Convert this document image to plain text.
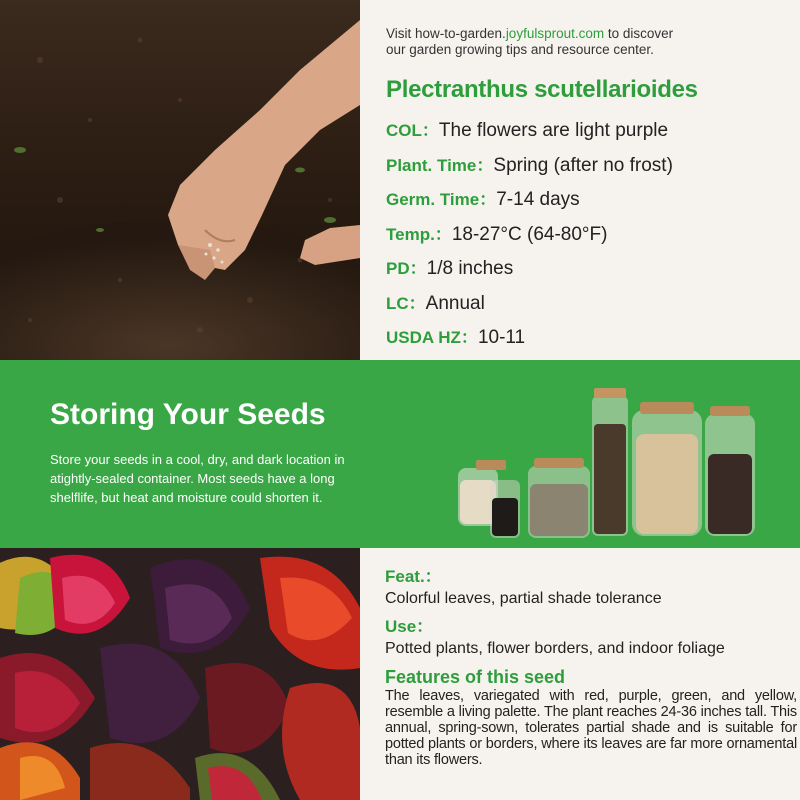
Visit how-to-garden.joyfulsprout.com to discover
our garden growing tips and resource center.
Plectranthus scutellarioides
COL：The flowers are light purple
Plant. Time：Spring (after no frost)
Germ. Time：7-14 days
Temp.：18-27°C (64-80°F)
PD：1/8 inches
LC：Annual
USDA HZ：10-11
Storing Your Seeds
Store your seeds in a cool, dry, and dark location in atightly-sealed container. Most seeds have a long shelflife, but heat and moisture could shorten it.
Feat.：
Colorful leaves, partial shade tolerance
Use：
Potted plants, flower borders, and indoor foliage
Features of this seed
The leaves, variegated with red, purple, green, and yellow, resemble a living palette. The plant reaches 24-36 inches tall. This annual, spring-sown, tolerates partial shade and is suitable for potted plants or borders, where its leaves are far more ornamental than its flowers.
